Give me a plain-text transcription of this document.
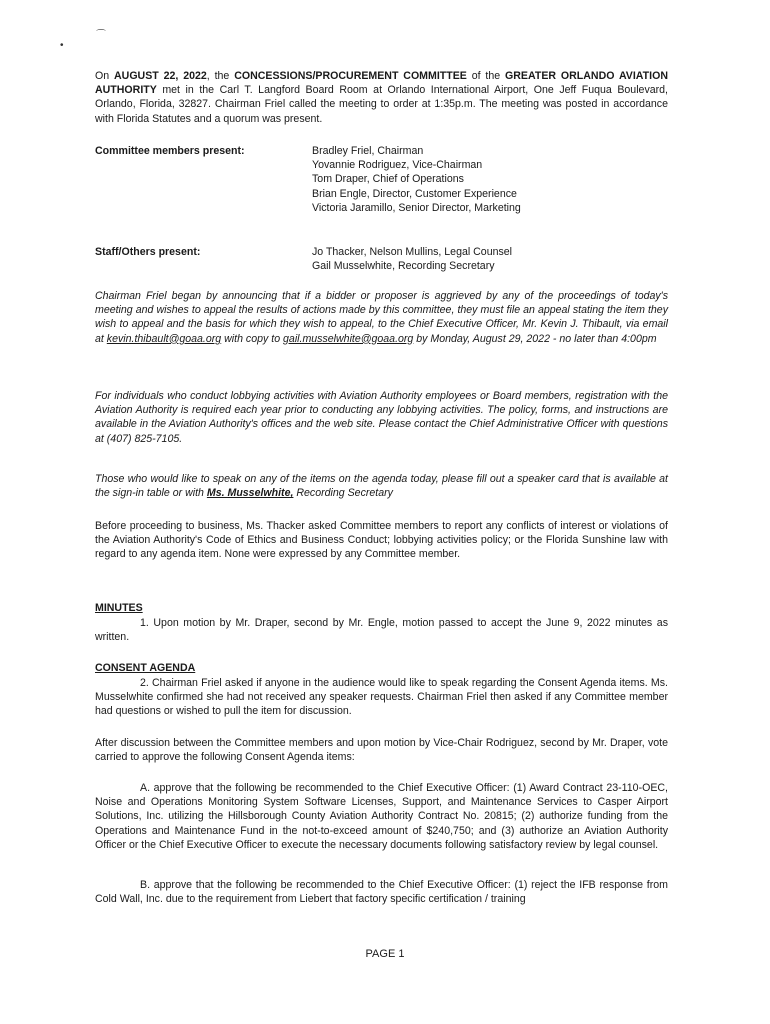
⌒
•
On AUGUST 22, 2022, the CONCESSIONS/PROCUREMENT COMMITTEE of the GREATER ORLANDO AVIATION AUTHORITY met in the Carl T. Langford Board Room at Orlando International Airport, One Jeff Fuqua Boulevard, Orlando, Florida, 32827. Chairman Friel called the meeting to order at 1:35p.m. The meeting was posted in accordance with Florida Statutes and a quorum was present.
Committee members present:	Bradley Friel, Chairman
Yovannie Rodriguez, Vice-Chairman
Tom Draper, Chief of Operations
Brian Engle, Director, Customer Experience
Victoria Jaramillo, Senior Director, Marketing
Staff/Others present:	Jo Thacker, Nelson Mullins, Legal Counsel
Gail Musselwhite, Recording Secretary
Chairman Friel began by announcing that if a bidder or proposer is aggrieved by any of the proceedings of today's meeting and wishes to appeal the results of actions made by this committee, they must file an appeal stating the item they wish to appeal and the basis for which they wish to appeal, to the Chief Executive Officer, Mr. Kevin J. Thibault, via email at kevin.thibault@goaa.org with copy to gail.musselwhite@goaa.org by Monday, August 29, 2022 - no later than 4:00pm
For individuals who conduct lobbying activities with Aviation Authority employees or Board members, registration with the Aviation Authority is required each year prior to conducting any lobbying activities. The policy, forms, and instructions are available in the Aviation Authority's offices and the web site. Please contact the Chief Administrative Officer with questions at (407) 825-7105.
Those who would like to speak on any of the items on the agenda today, please fill out a speaker card that is available at the sign-in table or with Ms. Musselwhite, Recording Secretary
Before proceeding to business, Ms. Thacker asked Committee members to report any conflicts of interest or violations of the Aviation Authority's Code of Ethics and Business Conduct; lobbying activities policy; or the Florida Sunshine law with regard to any agenda item. None were expressed by any Committee member.
MINUTES
1. Upon motion by Mr. Draper, second by Mr. Engle, motion passed to accept the June 9, 2022 minutes as written.
CONSENT AGENDA
2. Chairman Friel asked if anyone in the audience would like to speak regarding the Consent Agenda items. Ms. Musselwhite confirmed she had not received any speaker requests. Chairman Friel then asked if any Committee member had questions or wished to pull the item for discussion.
After discussion between the Committee members and upon motion by Vice-Chair Rodriguez, second by Mr. Draper, vote carried to approve the following Consent Agenda items:
A. approve that the following be recommended to the Chief Executive Officer: (1) Award Contract 23-110-OEC, Noise and Operations Monitoring System Software Licenses, Support, and Maintenance Services to Casper Airport Solutions, Inc. utilizing the Hillsborough County Aviation Authority Contract No. 20815; (2) authorize funding from the Operations and Maintenance Fund in the not-to-exceed amount of $240,750; and (3) authorize an Aviation Authority Officer or the Chief Executive Officer to execute the necessary documents following satisfactory review by legal counsel.
B. approve that the following be recommended to the Chief Executive Officer: (1) reject the IFB response from Cold Wall, Inc. due to the requirement from Liebert that factory specific certification / training
PAGE 1
